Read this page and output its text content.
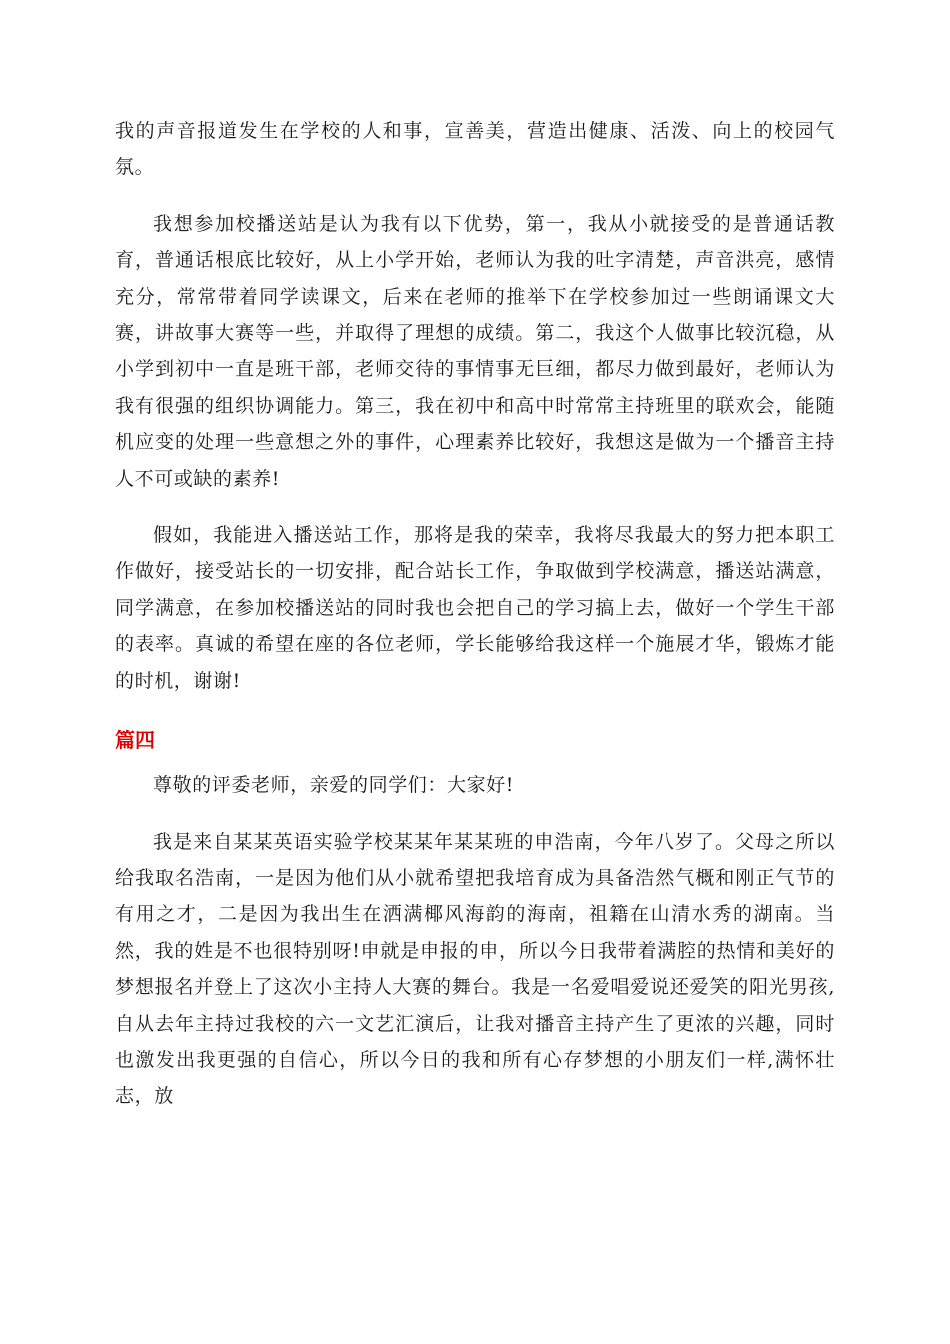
我的声音报道发生在学校的人和事，宣善美，营造出健康、活泼、向上的校园气氛。

我想参加校播送站是认为我有以下优势，第一，我从小就接受的是普通话教育，普通话根底比较好，从上小学开始，老师认为我的吐字清楚，声音洪亮，感情充分，常常带着同学读课文，后来在老师的推举下在学校参加过一些朗诵课文大赛，讲故事大赛等一些，并取得了理想的成绩。第二，我这个人做事比较沉稳，从小学到初中一直是班干部，老师交待的事情事无巨细，都尽力做到最好，老师认为我有很强的组织协调能力。第三，我在初中和高中时常常主持班里的联欢会，能随机应变的处理一些意想之外的事件，心理素养比较好，我想这是做为一个播音主持人不可或缺的素养!

假如，我能进入播送站工作，那将是我的荣幸，我将尽我最大的努力把本职工作做好，接受站长的一切安排，配合站长工作，争取做到学校满意，播送站满意，同学满意，在参加校播送站的同时我也会把自己的学习搞上去，做好一个学生干部的表率。真诚的希望在座的各位老师，学长能够给我这样一个施展才华，锻炼才能的时机，谢谢!

篇四

尊敬的评委老师，亲爱的同学们：大家好!

我是来自某某英语实验学校某某年某某班的申浩南，今年八岁了。父母之所以给我取名浩南，一是因为他们从小就希望把我培育成为具备浩然气概和刚正气节的有用之才，二是因为我出生在洒满椰风海韵的海南，祖籍在山清水秀的湖南。当然，我的姓是不也很特别呀!申就是申报的申，所以今日我带着满腔的热情和美好的梦想报名并登上了这次小主持人大赛的舞台。我是一名爱唱爱说还爱笑的阳光男孩,自从去年主持过我校的六一文艺汇演后，让我对播音主持产生了更浓的兴趣，同时也激发出我更强的自信心，所以今日的我和所有心存梦想的小朋友们一样,满怀壮志，放
